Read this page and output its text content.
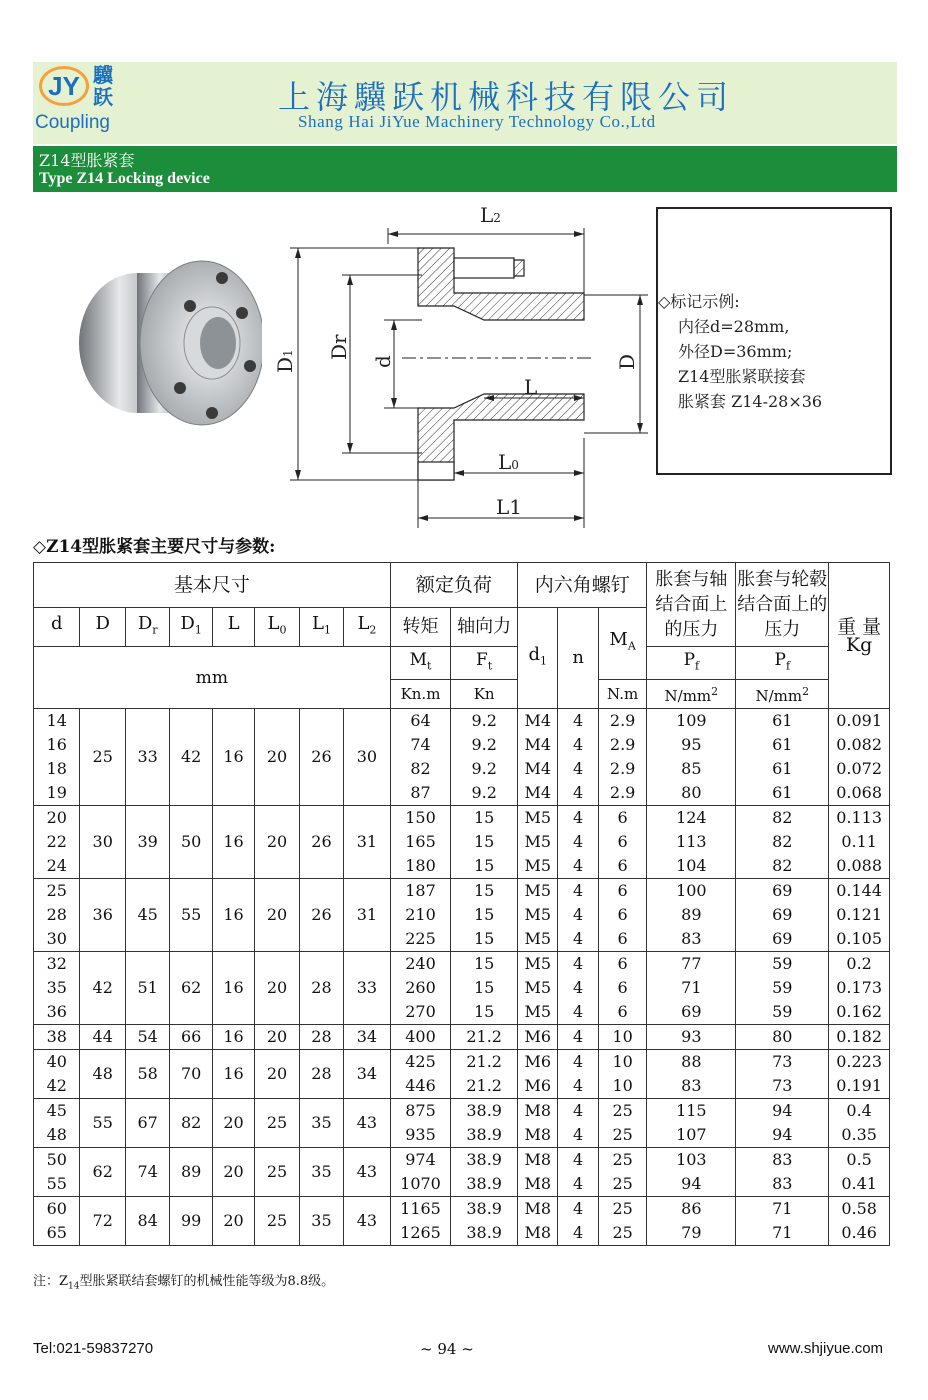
JY 驥跃
Coupling
上海驥跃机械科技有限公司
Shang Hai JiYue Machinery Technology Co.,Ltd
Z14型胀紧套
Type Z14 Locking device
L2
D1 Dr
d	D
L
L0
L1
◇标记示例:
内径d=28mm,
外径D=36mm;
Z14型胀紧联接套
胀紧套 Z14-28×36
◇Z14型胀紧套主要尺寸与参数:
基本尺寸								额定负荷		内六角螺钉			胀套与轴结合面上的压力	胀套与轮毂结合面上的压力	重 量
Kg

d	D	$D_r$	$D_1$	L	$L_0$	$L_1$	$L_2$	转矩	轴向力	$d_1$	n	$M_A$
mm								$M_t$	$F_t$				$P_f$	$P_f$
								Kn.m	Kn			N.m	$N/mm^2$	$N/mm^2$
14	25	33	42	16	20	26	30	64	9.2	M4	4	2.9	109	61	0.091
16								74	9.2	M4	4	2.9	95	61	0.082
18								82	9.2	M4	4	2.9	85	61	0.072
19								87	9.2	M4	4	2.9	80	61	0.068
20	30	39	50	16	20	26	31	150	15	M5	4	6	124	82	0.113
22								165	15	M5	4	6	113	82	0.11
24								180	15	M5	4	6	104	82	0.088
25	36	45	55	16	20	26	31	187	15	M5	4	6	100	69	0.144
28								210	15	M5	4	6	89	69	0.121
30								225	15	M5	4	6	83	69	0.105
32	42	51	62	16	20	28	33	240	15	M5	4	6	77	59	0.2
35								260	15	M5	4	6	71	59	0.173
36								270	15	M5	4	6	69	59	0.162
38	44	54	66	16	20	28	34	400	21.2	M6	4	10	93	80	0.182
40	48	58	70	16	20	28	34	425	21.2	M6	4	10	88	73	0.223
42								446	21.2	M6	4	10	83	73	0.191
45	55	67	82	20	25	35	43	875	38.9	M8	4	25	115	94	0.4
48								935	38.9	M8	4	25	107	94	0.35
50	62	74	89	20	25	35	43	974	38.9	M8	4	25	103	83	0.5
55								1070	38.9	M8	4	25	94	83	0.41
60	72	84	99	20	25	35	43	1165	38.9	M8	4	25	86	71	0.58
65								1265	38.9	M8	4	25	79	71	0.46
注：$Z_{14}$型胀紧联结套螺钉的机械性能等级为8.8级。
Tel:021-59837270	~ 94 ~	www.shjiyue.com
